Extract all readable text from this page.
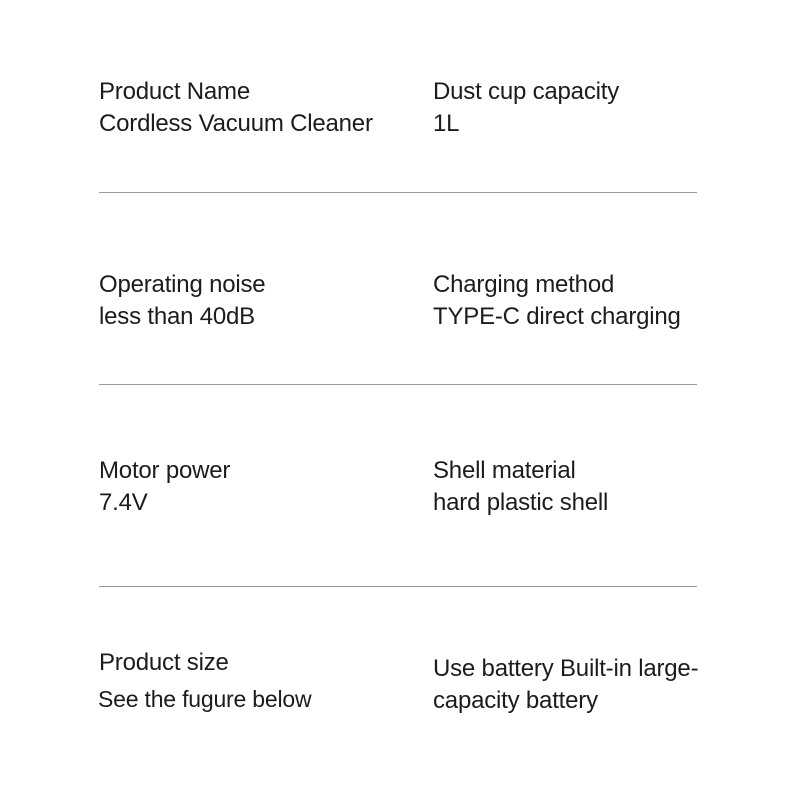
Product Name
Cordless Vacuum Cleaner
Dust cup capacity
1L
Operating noise
less than 40dB
Charging method
TYPE-C direct charging
Motor power
7.4V
Shell material
hard plastic shell
Product size
See the fugure below
Use battery Built-in large-
capacity battery
